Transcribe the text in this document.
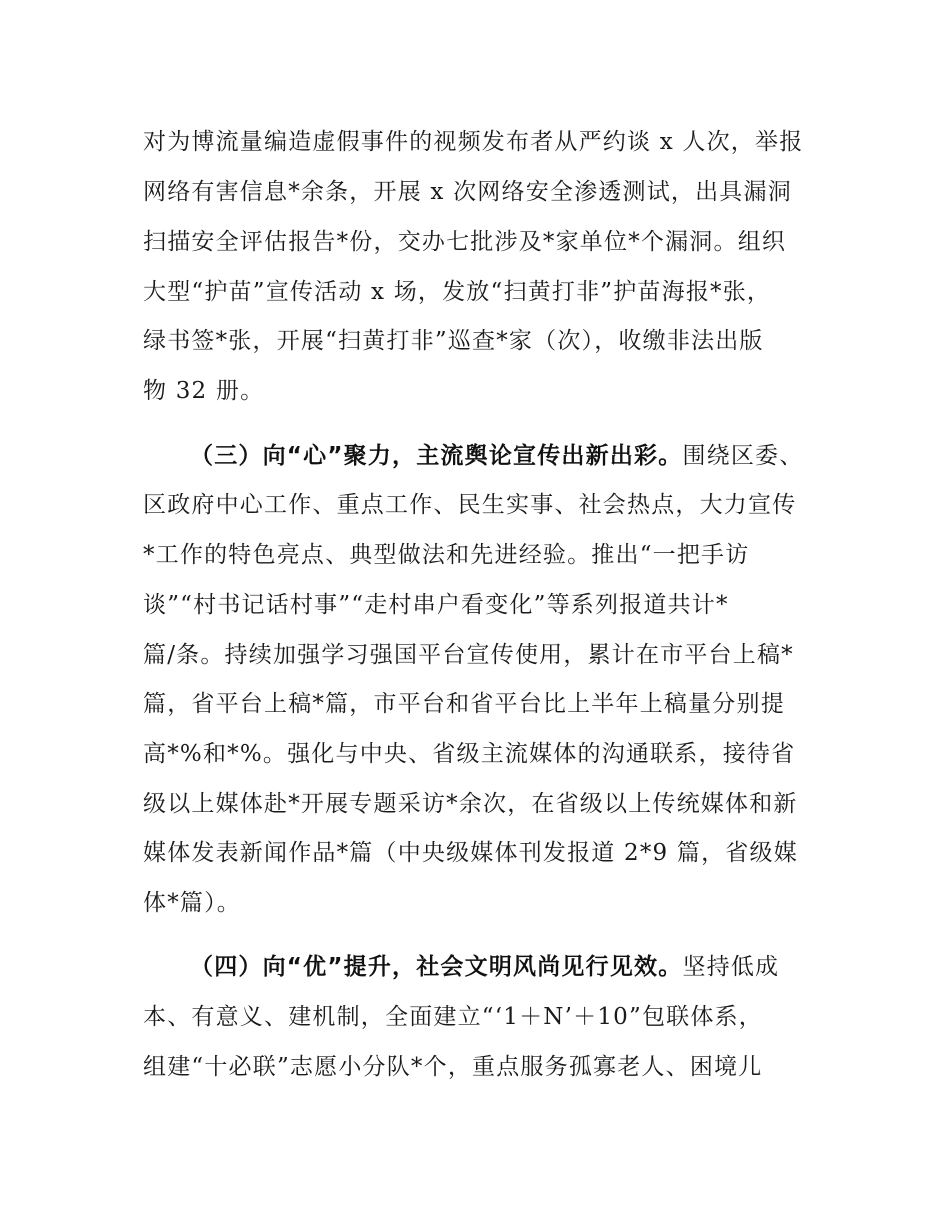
对为博流量编造虚假事件的视频发布者从严约谈 x 人次，举报
网络有害信息*余条，开展 x 次网络安全渗透测试，出具漏洞
扫描安全评估报告*份，交办七批涉及*家单位*个漏洞。组织
大型“护苗”宣传活动 x 场，发放“扫黄打非”护苗海报*张，
绿书签*张，开展“扫黄打非”巡查*家（次），收缴非法出版
物 32 册。
（三）向“心”聚力，主流舆论宣传出新出彩。围绕区委、
区政府中心工作、重点工作、民生实事、社会热点，大力宣传
*工作的特色亮点、典型做法和先进经验。推出“一把手访
谈”“村书记话村事”“走村串户看变化”等系列报道共计*
篇/条。持续加强学习强国平台宣传使用，累计在市平台上稿*
篇，省平台上稿*篇，市平台和省平台比上半年上稿量分别提
高*%和*%。强化与中央、省级主流媒体的沟通联系，接待省
级以上媒体赴*开展专题采访*余次，在省级以上传统媒体和新
媒体发表新闻作品*篇（中央级媒体刊发报道 2*9 篇，省级媒
体*篇）。
（四）向“优”提升，社会文明风尚见行见效。坚持低成
本、有意义、建机制，全面建立“‘1＋N’＋10”包联体系，
组建“十必联”志愿小分队*个，重点服务孤寡老人、困境儿
